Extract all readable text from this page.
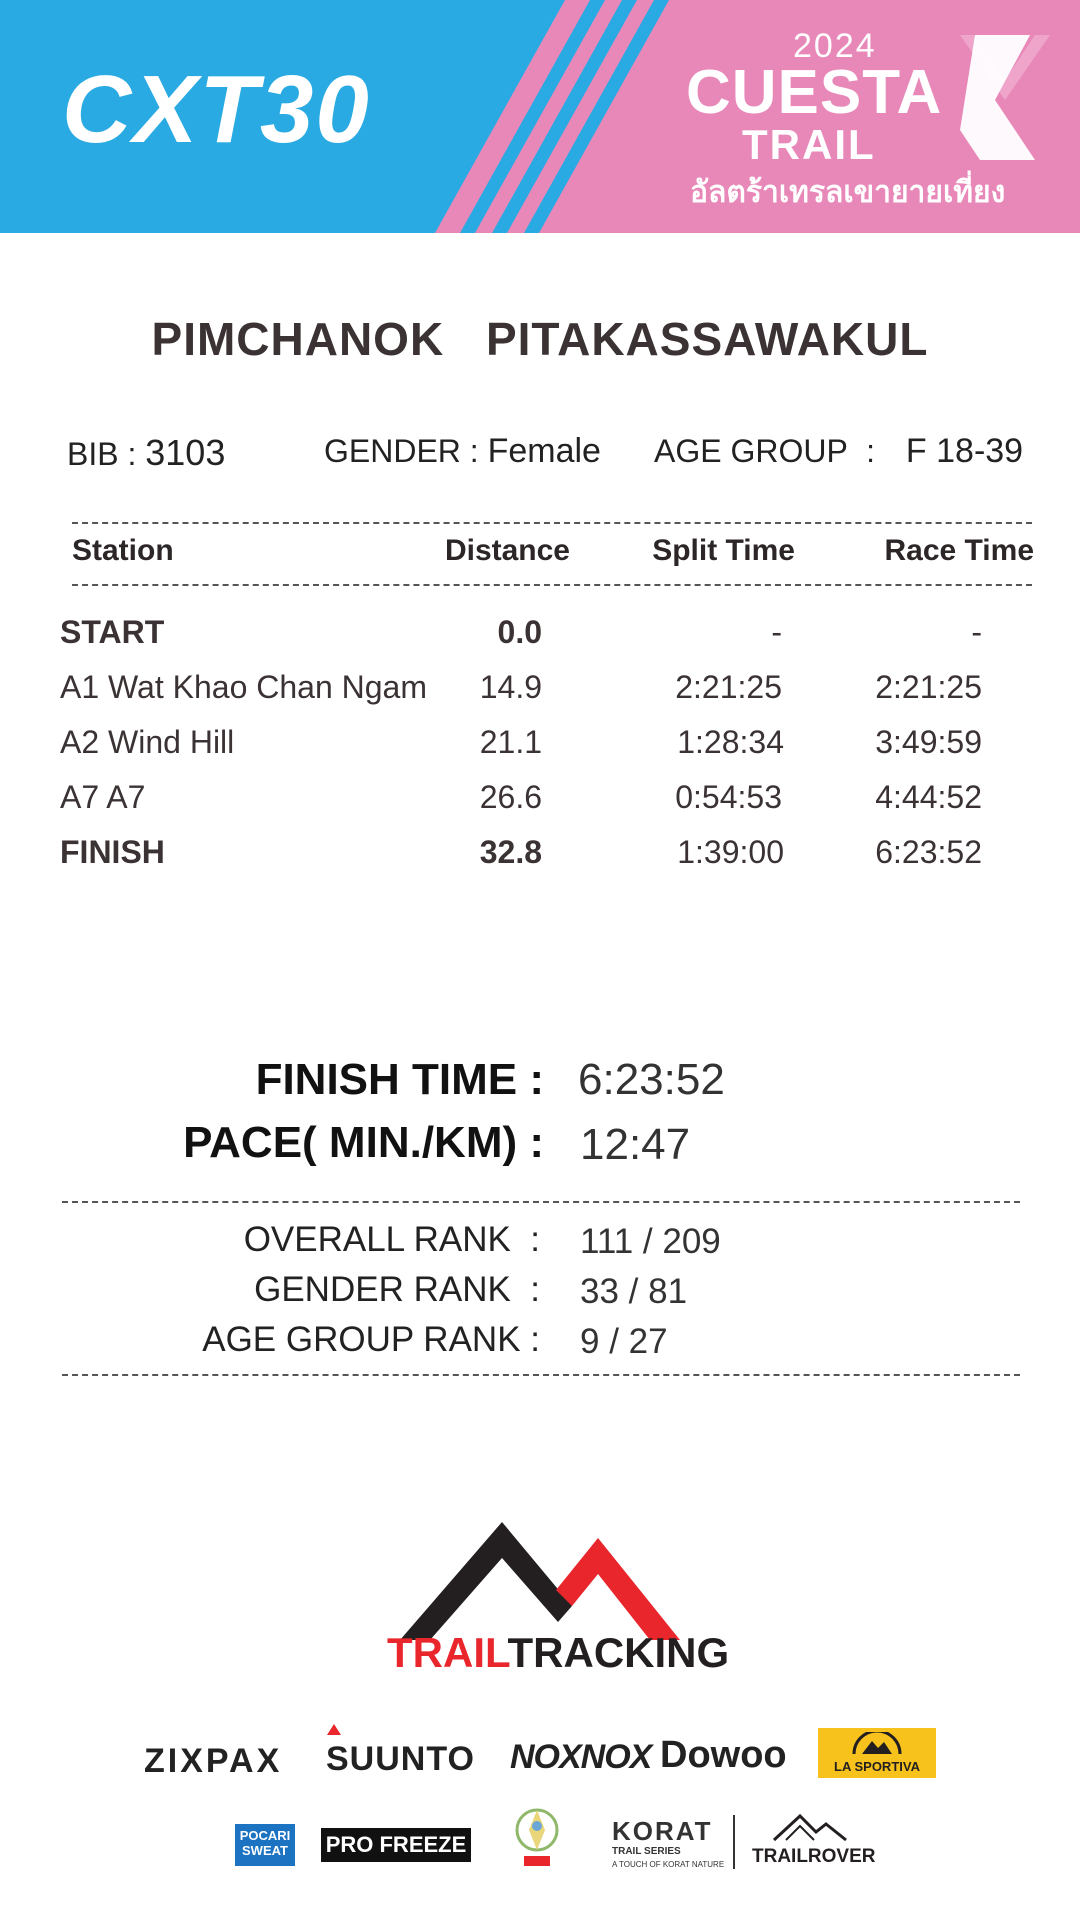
CXT30
2024
CUESTA
TRAIL
อัลตร้าเทรลเขายายเที่ยง
PIMCHANOK PITAKASSAWAKUL
BIB : 3103	GENDER : Female AGE GROUP : F 18-39
Station	Distance	Split Time	Race Time
START	0.0	-	-
A1 Wat Khao Chan Ngam	14.9	2:21:25	2:21:25
A2 Wind Hill	21.1	1:28:34	3:49:59
A7 A7	26.6	0:54:53	4:44:52
FINISH	32.8	1:39:00	6:23:52
FINISH TIME : 6:23:52
PACE( MIN./KM) : 12:47
OVERALL RANK  : 111 / 209
GENDER RANK  : 33 / 81
AGE GROUP RANK : 9 / 27
TRAILTRACKING
ZIXPAX SUUNTO NOXNOX Dowoo	LA SPORTIVA
POCARI SWEAT	PRO FREEZE	KORAT
TRAIL SERIES
A TOUCH OF KORAT NATURE TRAILROVER
